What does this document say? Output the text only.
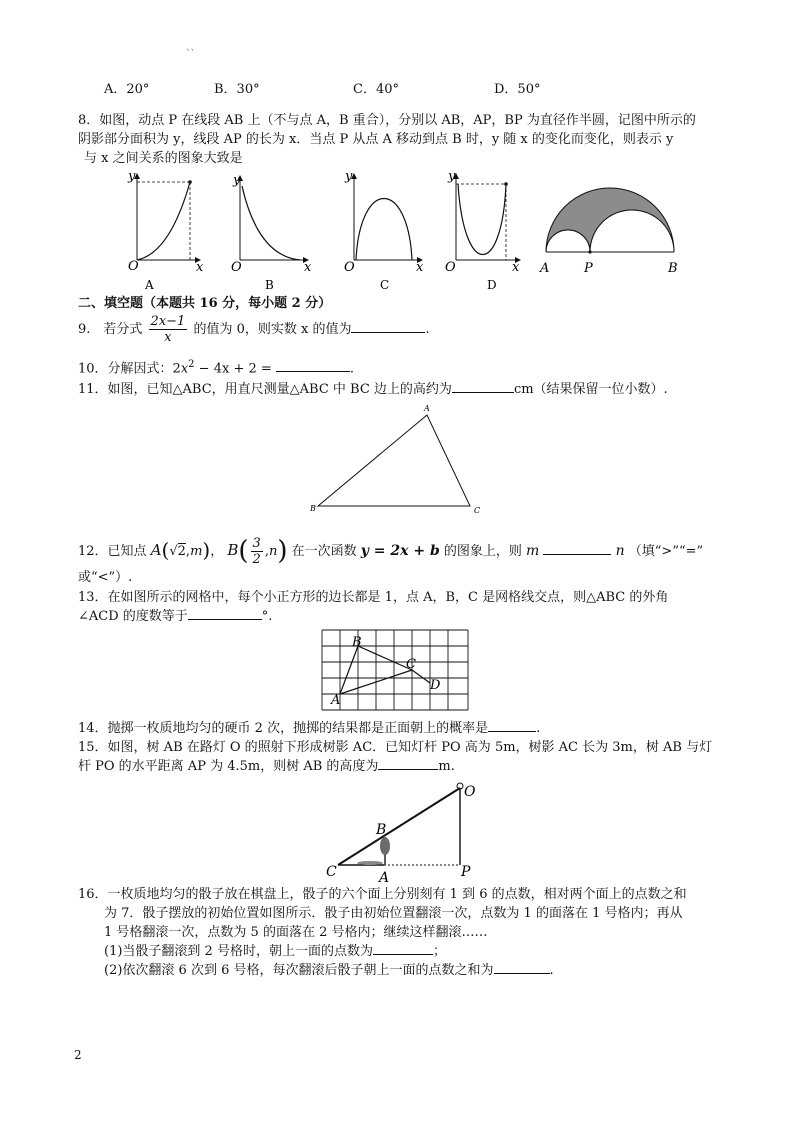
、、
A．20°	B．30°	C．40°	D．50°
8．如图，动点 P 在线段 AB 上（不与点 A，B 重合），分别以 AB，AP，BP 为直径作半圆，记图中所示的
阴影部分面积为 y，线段 AP 的长为 x．当点 P 从点 A 移动到点 B 时，y 随 x 的变化而变化，则表示 y
与 x 之间关系的图象大致是
y
O	x
A
y
O	x
B
y
O	x
C
y
O	x
D
A	P	B
二、填空题（本题共 16 分，每小题 2 分）
9.　若分式 $\frac{2x-1}{x}$ 的值为 0，则实数 x 的值为	.
10．分解因式：$2x^2 - 4x + 2$ =	.
11．如图，已知△ABC，用直尺测量△ABC 中 BC 边上的高约为	cm（结果保留一位小数）.
A
B	C
12．已知点 A(√2,m)， $B( \frac{3}{2} ,n)$ 在一次函数 y = 2x + b 的图象上，则 m	n （填“>”“=”
或“<”）.
13．在如图所示的网格中，每个小正方形的边长都是 1，点 A，B，C 是网格线交点，则△ABC 的外角
∠ACD 的度数等于	°.
B
C
D
A
14．抛掷一枚质地均匀的硬币 2 次，抛掷的结果都是正面朝上的概率是	.
15．如图，树 AB 在路灯 O 的照射下形成树影 AC．已知灯杆 PO 高为 5m，树影 AC 长为 3m，树 AB 与灯
杆 PO 的水平距离 AP 为 4.5m，则树 AB 的高度为	m.
O
B
C	A	P
16．一枚质地均匀的骰子放在棋盘上，骰子的六个面上分别刻有 1 到 6 的点数，相对两个面上的点数之和
为 7．骰子摆放的初始位置如图所示．骰子由初始位置翻滚一次，点数为 1 的面落在 1 号格内；再从
1 号格翻滚一次，点数为 5 的面落在 2 号格内；继续这样翻滚……
(1)当骰子翻滚到 2 号格时，朝上一面的点数为	；
(2)依次翻滚 6 次到 6 号格，每次翻滚后骰子朝上一面的点数之和为	.
2
